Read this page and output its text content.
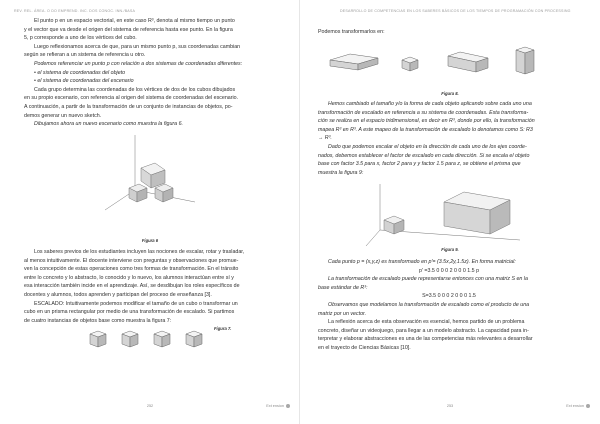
REV. REL. ÁREA. O DO EMPREND. INC. DOS CONOC. INN./BASA

El punto p en un espacio vectorial, en este caso R³, denota al mismo tiempo un punto

y el vector que va desde el origen del sistema de referencia hasta ese punto. En la figura

5, p corresponde a uno de los vértices del cubo.

Luego reflexionamos acerca de que, para un mismo punto p, sus coordenadas cambian

según se refieran a un sistema de referencia u otro.

Podemos referenciar un punto p con relación a dos sistemas de coordenadas diferentes:

• el sistema de coordenadas del objeto

• el sistema de coordenadas del escenario

Cada grupo determina las coordenadas de los vértices de dos de los cubos dibujados

en su propio escenario, con referencia al origen del sistema de coordenadas del escenario.

A continuación, a partir de la transformación de un conjunto de instancias de objetos, po-

demos generar un nuevo sketch.

Dibujamos ahora un nuevo escenario como muestra la figura 6.

Figura 6

Los saberes previos de los estudiantes incluyen las nociones de escalar, rotar y trasladar,

al menos intuitivamente. El docente interviene con preguntas y observaciones que promue-

ven la concepción de estas operaciones como tres formas de transformación. En el tránsito

entre lo concreto y lo abstracto, lo conocido y lo nuevo, los alumnos interactúan entre sí y

esa interacción también incide en el aprendizaje. Así, se desdibujan los roles específicos de

docentes y alumnos, todos aprenden y participan del proceso de enseñanza [3].

ESCALADO: Intuitivamente podemos modificar el tamaño de un cubo o transformar un

cubo en un prisma rectangular por medio de una transformación de escalado. Si partimos

de cuatro instancias de objetos base como muestra la figura 7:

Figura 7.
252	Ext ension
DESARROLLO DE COMPETENCIAS EN LOS SABERES BÁSICOS DE LOS TIEMPOS DE PROGRAMACIÓN CON PROCESSING

Podemos transformarlos en:

Figura 8.

Hemos cambiado el tamaño y/o la forma de cada objeto aplicando sobre cada uno una

transformación de escalado en referencia a su sistema de coordenadas. Esta transforma-

ción se realiza en el espacio tridimensional, es decir en R³, donde por ello, la transformación

mapea R³ en R³. A este mapeo de la transformación de escalado lo denotamos como S: R3

→ R³.

Dado que podemos escalar el objeto en la dirección de cada uno de los ejes coorde-

nados, debemos establecer el factor de escalado en cada dirección. Si se escala el objeto

base con factor 3.5 para x, factor 2 para y y factor 1.5 para z, se obtiene el prisma que

muestra la figura 9:

Figura 9.

Cada punto p = (x,y,z) es transformado en p'= (3.5x,2y,1.5z). En forma matricial:

p' =3.5 0 0 0 2 0 0 0 1.5 p

La transformación de escalado puede representarse entonces con una matriz S en la

base estándar de R³:

S=3.5 0 0 0 2 0 0 0 1.5

Observamos que modelamos la transformación de escalado como el producto de una

matriz por un vector.

La reflexión acerca de esta observación es esencial, hemos partido de un problema

concreto, diseñar un videojuego, para llegar a un modelo abstracto. La capacidad para in-

terpretar y elaborar abstracciones es una de las competencias más relevantes a desarrollar

en el trayecto de Ciencias Básicas [10].

253	Ext ension
